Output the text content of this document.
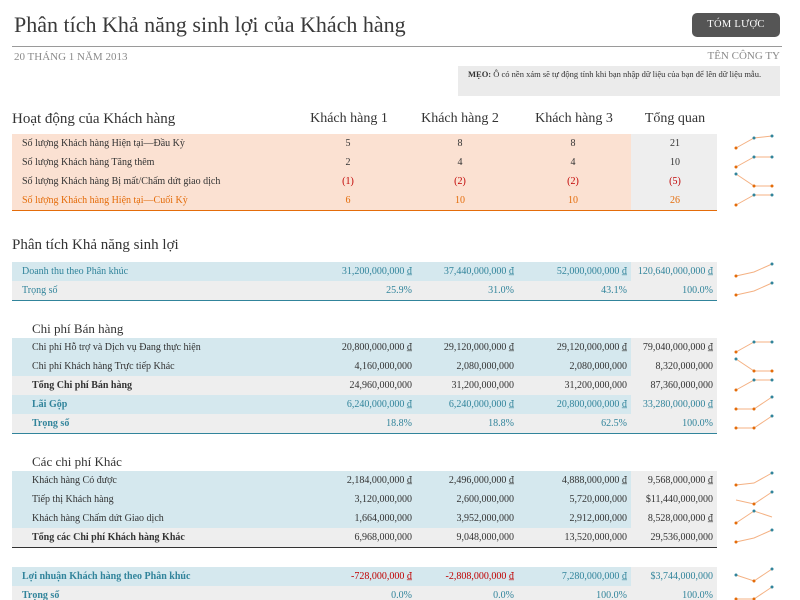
Phân tích Khả năng sinh lợi của Khách hàng	TÓM LƯỢC
20 THÁNG 1 NĂM 2013	TÊN CÔNG TY
MẸO: Ô có nền xám sẽ tự động tính khi bạn nhập dữ liệu của bạn để lên dữ liệu mẫu.
Hoạt động của Khách hàng	Khách hàng 1	Khách hàng 2	Khách hàng 3	Tổng quan
Số lượng Khách hàng Hiện tại—Đầu Kỳ	5	8	8	21
Số lượng Khách hàng Tăng thêm	2	4	4	10
Số lượng Khách hàng Bị mất/Chấm dứt giao dịch	(1)	(2)	(2)	(5)
Số lượng Khách hàng Hiện tại—Cuối Kỳ	6	10	10	26
Phân tích Khả năng sinh lợi
Doanh thu theo Phân khúc	31,200,000,000 ₫	37,440,000,000 ₫	52,000,000,000 ₫ 120,640,000,000 ₫
Trọng số	25.9%	31.0%	43.1%	100.0%
Chi phí Bán hàng
Chi phí Hỗ trợ và Dịch vụ Đang thực hiện	20,800,000,000 ₫	29,120,000,000 ₫	29,120,000,000 ₫ 79,040,000,000 ₫
Chi phí Khách hàng Trực tiếp Khác	4,160,000,000	2,080,000,000	2,080,000,000	8,320,000,000
Tổng Chi phí Bán hàng	24,960,000,000	31,200,000,000	31,200,000,000 87,360,000,000
Lãi Gộp	6,240,000,000 ₫	6,240,000,000 ₫	20,800,000,000 ₫ 33,280,000,000 ₫
Trọng số	18.8%	18.8%	62.5%	100.0%
Các chi phí Khác
Khách hàng Có được	2,184,000,000 ₫	2,496,000,000 ₫	4,888,000,000 ₫ 9,568,000,000 ₫
Tiếp thị Khách hàng	3,120,000,000	2,600,000,000	5,720,000,000 $11,440,000,000
Khách hàng Chấm dứt Giao dịch	1,664,000,000	3,952,000,000	2,912,000,000 8,528,000,000 ₫
Tổng các Chi phí Khách hàng Khác	6,968,000,000	9,048,000,000	13,520,000,000 29,536,000,000
Lợi nhuận Khách hàng theo Phân khúc	-728,000,000 ₫	-2,808,000,000 ₫	7,280,000,000 ₫ $3,744,000,000
Trọng số	0.0%	0.0%	100.0%	100.0%
